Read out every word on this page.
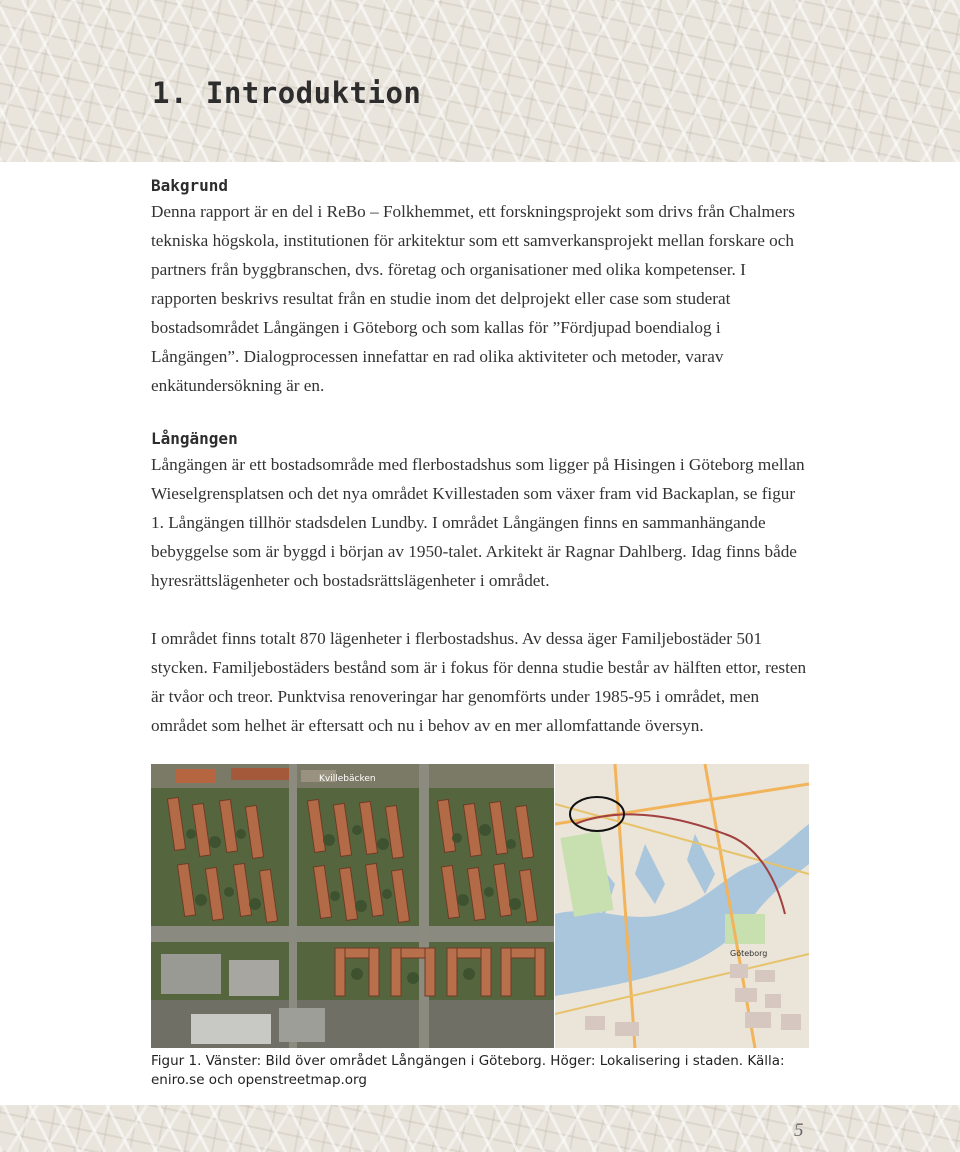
1. Introduktion
Bakgrund

Denna rapport är en del i ReBo – Folkhemmet, ett forskningsprojekt som drivs från Chalmers tekniska högskola, institutionen för arkitektur som ett samverkansprojekt mellan forskare och partners från byggbranschen, dvs. företag och organisationer med olika kompetenser. I rapporten beskrivs resultat från en studie inom det delprojekt eller case som studerat bostadsområdet Långängen i Göteborg och som kallas för ”Fördjupad boendialog i Långängen”. Dialogprocessen innefattar en rad olika aktiviteter och metoder, varav enkätundersökning är en.

Långängen

Långängen är ett bostadsområde med flerbostadshus som ligger på Hisingen i Göteborg mellan Wieselgrensplatsen och det nya området Kvillestaden som växer fram vid Backaplan, se figur 1. Långängen tillhör stadsdelen Lundby. I området Långängen finns en sammanhängande bebyggelse som är byggd i början av 1950-talet. Arkitekt är Ragnar Dahlberg. Idag finns både hyresrättslägenheter och bostadsrättslägenheter i området.

I området finns totalt 870 lägenheter i flerbostadshus. Av dessa äger Familjebostäder 501 stycken. Familjebostäders bestånd som är i fokus för denna studie består av hälften ettor, resten är tvåor och treor. Punktvisa renoveringar har genomförts under 1985-95 i området, men området som helhet är eftersatt och nu i behov av en mer allomfattande översyn.

Kvillebäcken
Göteborg
Figur 1. Vänster: Bild över området Långängen i Göteborg. Höger: Lokalisering i staden. Källa: eniro.se och openstreetmap.org
5
